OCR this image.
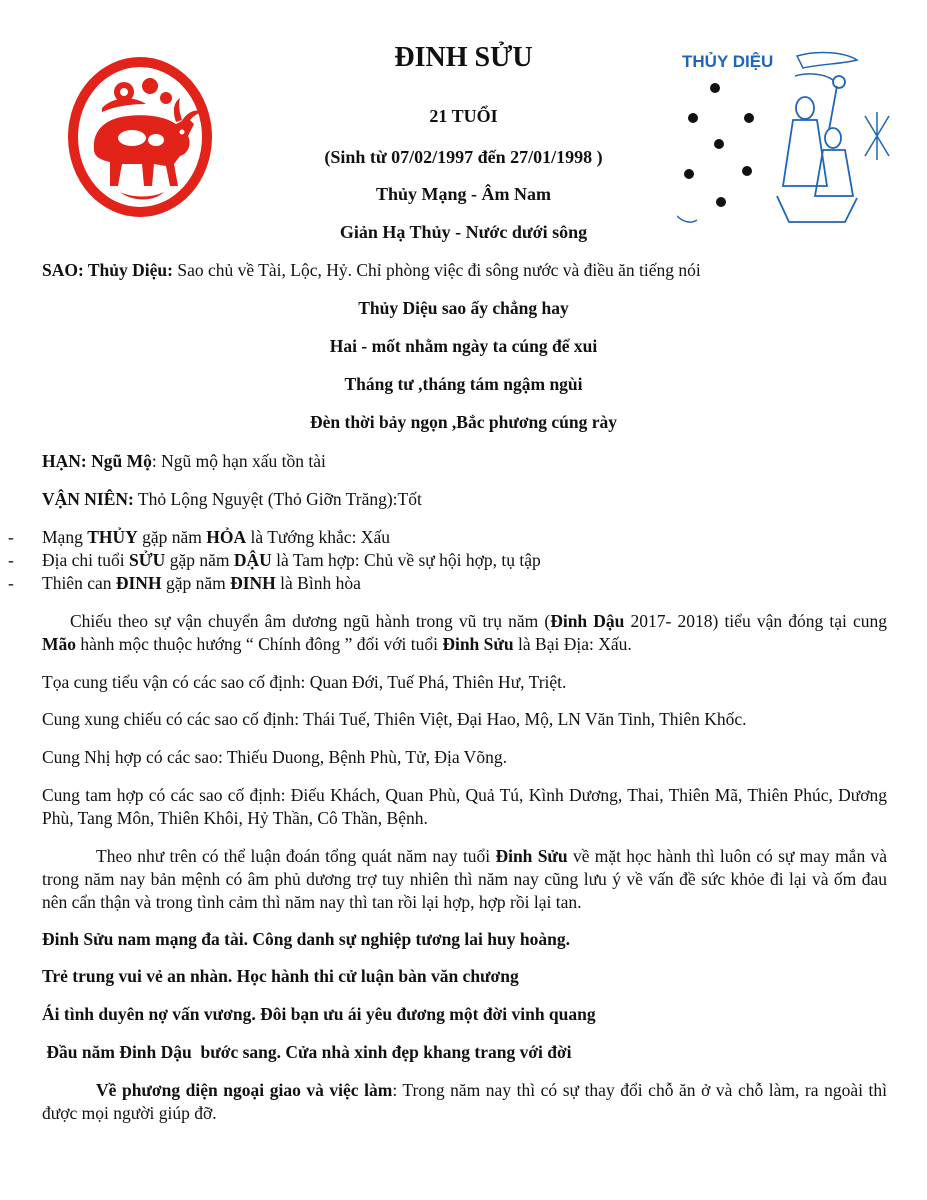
THỦY DIỆU
ĐINH SỬU
21 TUỔI
(Sinh từ 07/02/1997 đến 27/01/1998 )
Thủy Mạng - Âm Nam
Giản Hạ Thủy - Nước dưới sông
SAO: Thủy Diệu: Sao chủ về Tài, Lộc, Hỷ. Chỉ phòng việc đi sông nước và điều ăn tiếng nói
Thủy Diệu sao ấy chẳng hay
Hai - mốt nhằm ngày ta cúng để xui
Tháng tư ,tháng tám ngậm ngùi
Đèn thời bảy ngọn ,Bắc phương cúng rày
HẠN: Ngũ Mộ: Ngũ mộ hạn xấu tồn tài
VẬN NIÊN: Thỏ Lộng Nguyệt (Thỏ Giỡn Trăng):Tốt
- Mạng THỦY gặp năm HỎA là Tướng khắc: Xấu
- Địa chi tuổi SỬU gặp năm DẬU là Tam hợp: Chủ về sự hội hợp, tụ tập
- Thiên can ĐINH gặp năm ĐINH là Bình hòa
Chiếu theo sự vận chuyển âm dương ngũ hành trong vũ trụ năm (Đinh Dậu 2017- 2018) tiểu vận đóng tại cung Mão hành mộc thuộc hướng “ Chính đông ” đối với tuổi Đinh Sửu là Bại Địa: Xấu.
Tọa cung tiểu vận có các sao cố định: Quan Đới, Tuế Phá, Thiên Hư, Triệt.
Cung xung chiếu có các sao cố định: Thái Tuế, Thiên Việt, Đại Hao, Mộ, LN Văn Tinh, Thiên Khốc.
Cung Nhị hợp có các sao: Thiếu Duong, Bệnh Phù, Tử, Địa Võng.
Cung tam hợp có các sao cố định: Điếu Khách, Quan Phù, Quả Tú, Kình Dương, Thai, Thiên Mã, Thiên Phúc, Dương Phù, Tang Môn, Thiên Khôi, Hỷ Thần, Cô Thần, Bệnh.
Theo như trên có thể luận đoán tổng quát năm nay tuổi Đinh Sửu về mặt học hành thì luôn có sự may mắn và trong năm nay bản mệnh có âm phủ dương trợ tuy nhiên thì năm nay cũng lưu ý về vấn đề sức khỏe đi lại và ốm đau nên cẩn thận và trong tình cảm thì năm nay thì tan rồi lại hợp, hợp rồi lại tan.
Đinh Sửu nam mạng đa tài. Công danh sự nghiệp tương lai huy hoàng.
Trẻ trung vui vẻ an nhàn. Học hành thi cử luận bàn văn chương
Ái tình duyên nợ vấn vương. Đôi bạn ưu ái yêu đương một đời vinh quang
Đầu năm Đinh Dậu  bước sang. Cửa nhà xinh đẹp khang trang với đời
Về phương diện ngoại giao và việc làm: Trong năm nay thì có sự thay đổi chỗ ăn ở và chỗ làm, ra ngoài thì được mọi người giúp đỡ.
